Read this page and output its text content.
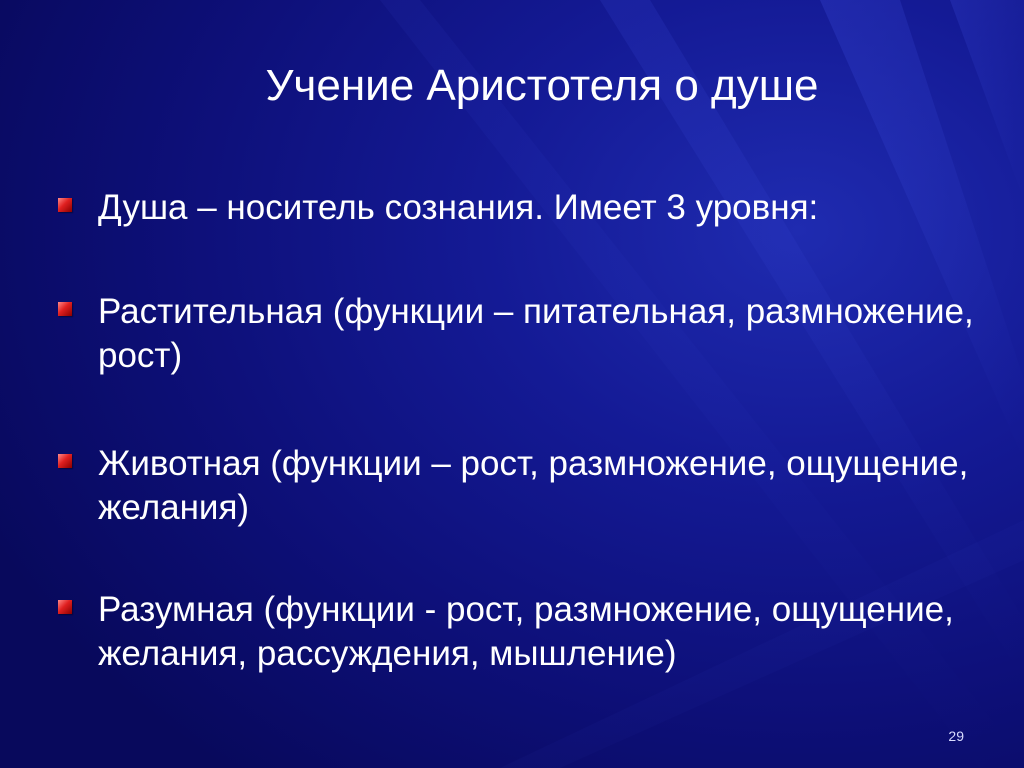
Учение Аристотеля о душе
Душа – носитель сознания. Имеет 3 уровня:
Растительная (функции – питательная, размножение, рост)
Животная (функции – рост, размножение, ощущение, желания)
Разумная (функции - рост, размножение, ощущение, желания, рассуждения, мышление)
29
